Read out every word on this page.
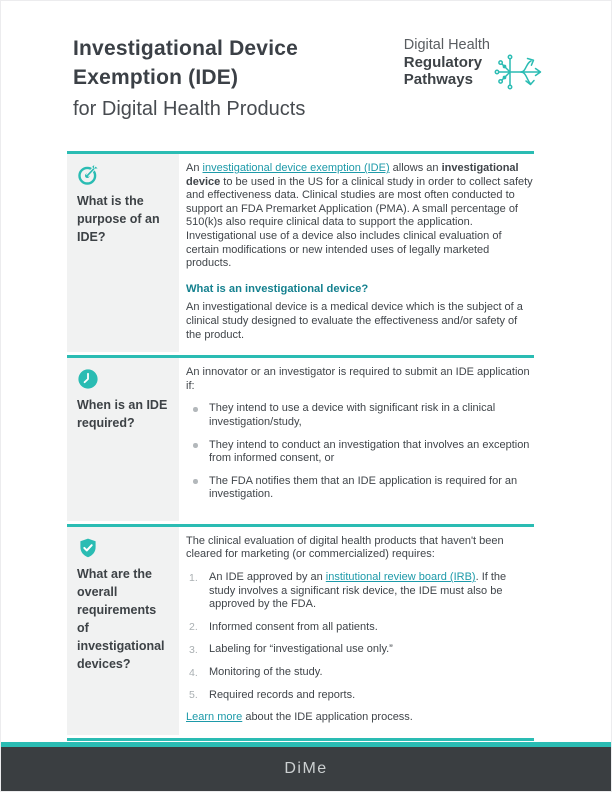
Investigational Device Exemption (IDE)
for Digital Health Products
Digital Health
Regulatory
Pathways
What is the purpose of an IDE?

An investigational device exemption (IDE) allows an investigational device to be used in the US for a clinical study in order to collect safety and effectiveness data. Clinical studies are most often conducted to support an FDA Premarket Application (PMA). A small percentage of 510(k)s also require clinical data to support the application. Investigational use of a device also includes clinical evaluation of certain modifications or new intended uses of legally marketed products.

What is an investigational device?

An investigational device is a medical device which is the subject of a clinical study designed to evaluate the effectiveness and/or safety of the product.

When is an IDE required?

An innovator or an investigator is required to submit an IDE application if:

They intend to use a device with significant risk in a clinical investigation/study,
They intend to conduct an investigation that involves an exception from informed consent, or
The FDA notifies them that an IDE application is required for an investigation.
What are the overall requirements of investigational devices?

The clinical evaluation of digital health products that haven't been cleared for marketing (or commercialized) requires:

An IDE approved by an institutional review board (IRB). If the study involves a significant risk device, the IDE must also be approved by the FDA.
Informed consent from all patients.
Labeling for “investigational use only.”
Monitoring of the study.
Required records and reports.

Learn more about the IDE application process.

DiMe
